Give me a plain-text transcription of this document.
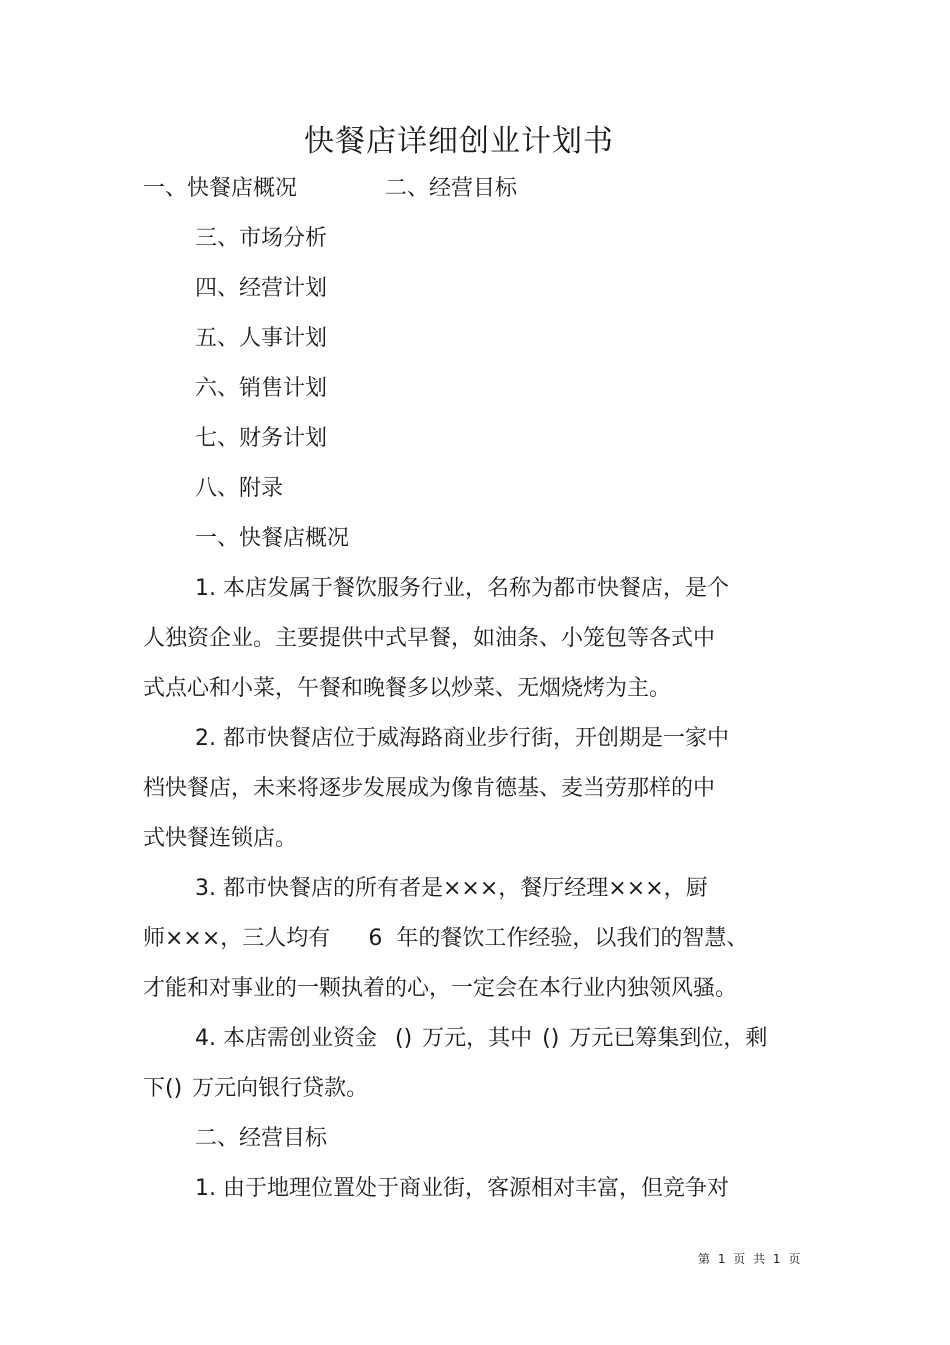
快餐店详细创业计划书
一、快餐店概况	二、经营目标
三、市场分析
四、经营计划
五、人事计划
六、销售计划
七、财务计划
八、附录
一、快餐店概况
1. 本店发属于餐饮服务行业，名称为都市快餐店，是个
人独资企业。主要提供中式早餐，如油条、小笼包等各式中
式点心和小菜，午餐和晚餐多以炒菜、无烟烧烤为主。
2. 都市快餐店位于威海路商业步行街，开创期是一家中
档快餐店，未来将逐步发展成为像肯德基、麦当劳那样的中
式快餐连锁店。
3. 都市快餐店的所有者是×××，餐厅经理×××，厨
师×××，三人均有 6 年的餐饮工作经验，以我们的智慧、
才能和对事业的一颗执着的心，一定会在本行业内独领风骚。
4. 本店需创业资金 () 万元，其中 () 万元已筹集到位，剩
下() 万元向银行贷款。
二、经营目标
1. 由于地理位置处于商业街，客源相对丰富，但竞争对
第 1 页 共 1 页
